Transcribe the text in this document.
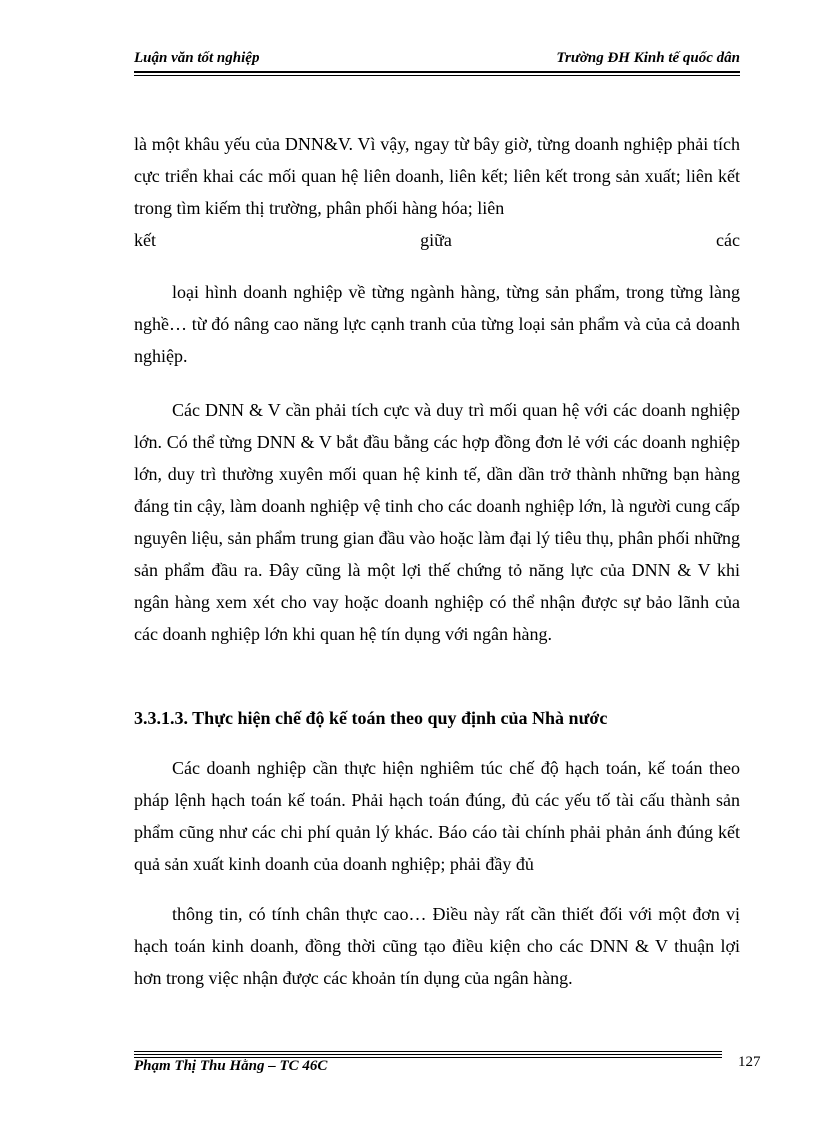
Luận văn tốt nghiệp	Trường ĐH Kinh tế quốc dân

là một khâu yếu của DNN&V. Vì vậy, ngay từ bây giờ, từng doanh nghiệp phải tích cực triển khai các mối quan hệ liên doanh, liên kết; liên kết trong sản xuất; liên kết trong tìm kiếm thị trường, phân phối hàng hóa; liên

kết	giữa	các

loại hình doanh nghiệp về từng ngành hàng, từng sản phẩm, trong từng làng nghề… từ đó nâng cao năng lực cạnh tranh của từng loại sản phẩm và của cả doanh nghiệp.

Các DNN & V cần phải tích cực và duy trì mối quan hệ với các doanh nghiệp lớn. Có thể từng DNN & V bắt đầu bằng các hợp đồng đơn lẻ với các doanh nghiệp lớn, duy trì thường xuyên mối quan hệ kinh tế, dần dần trở thành những bạn hàng đáng tin cậy, làm doanh nghiệp vệ tinh cho các doanh nghiệp lớn, là người cung cấp nguyên liệu, sản phẩm trung gian đầu vào hoặc làm đại lý tiêu thụ, phân phối những sản phẩm đầu ra. Đây cũng là một lợi thế chứng tỏ năng lực của DNN & V khi ngân hàng xem xét cho vay hoặc doanh nghiệp có thể nhận được sự bảo lãnh của các doanh nghiệp lớn khi quan hệ tín dụng với ngân hàng.

3.3.1.3. Thực hiện chế độ kế toán theo quy định của Nhà nước

Các doanh nghiệp cần thực hiện nghiêm túc chế độ hạch toán, kế toán theo pháp lệnh hạch toán kế toán. Phải hạch toán đúng, đủ các yếu tố tài cấu thành sản phẩm cũng như các chi phí quản lý khác. Báo cáo tài chính phải phản ánh đúng kết quả sản xuất kinh doanh của doanh nghiệp; phải đầy đủ

thông tin, có tính chân thực cao… Điều này rất cần thiết đối với một đơn vị hạch toán kinh doanh, đồng thời cũng tạo điều kiện cho các DNN & V thuận lợi hơn trong việc nhận được các khoản tín dụng của ngân hàng.

Phạm Thị Thu Hằng – TC 46C	127
